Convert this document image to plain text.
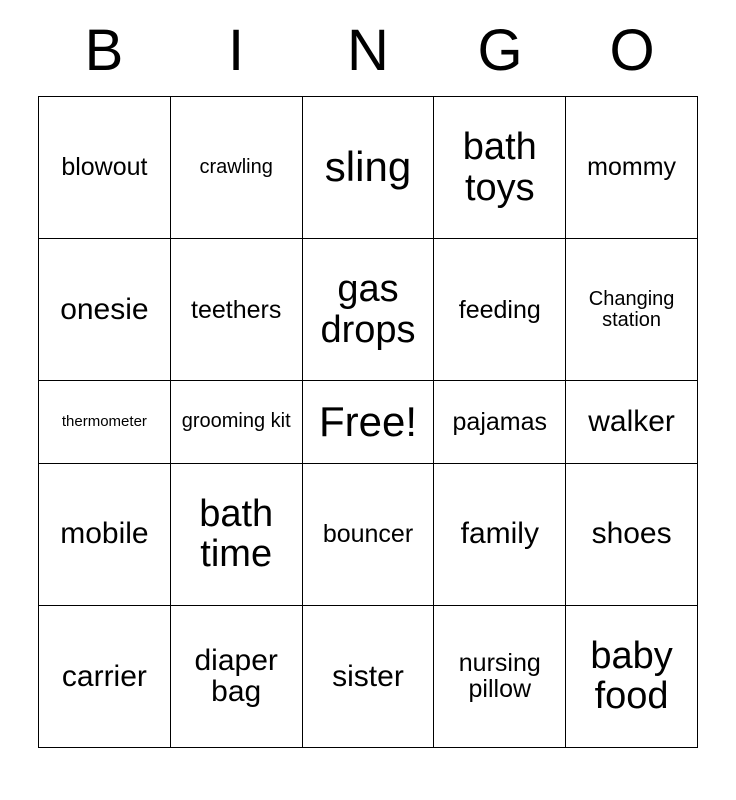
B I N G O
blowout	crawling	sling	bath toys	mommy
onesie	teethers	gas drops	feeding	Changing station
thermometer	grooming kit	Free!	pajamas	walker
mobile	bath time	bouncer	family	shoes
carrier	diaper bag	sister	nursing pillow	baby food
